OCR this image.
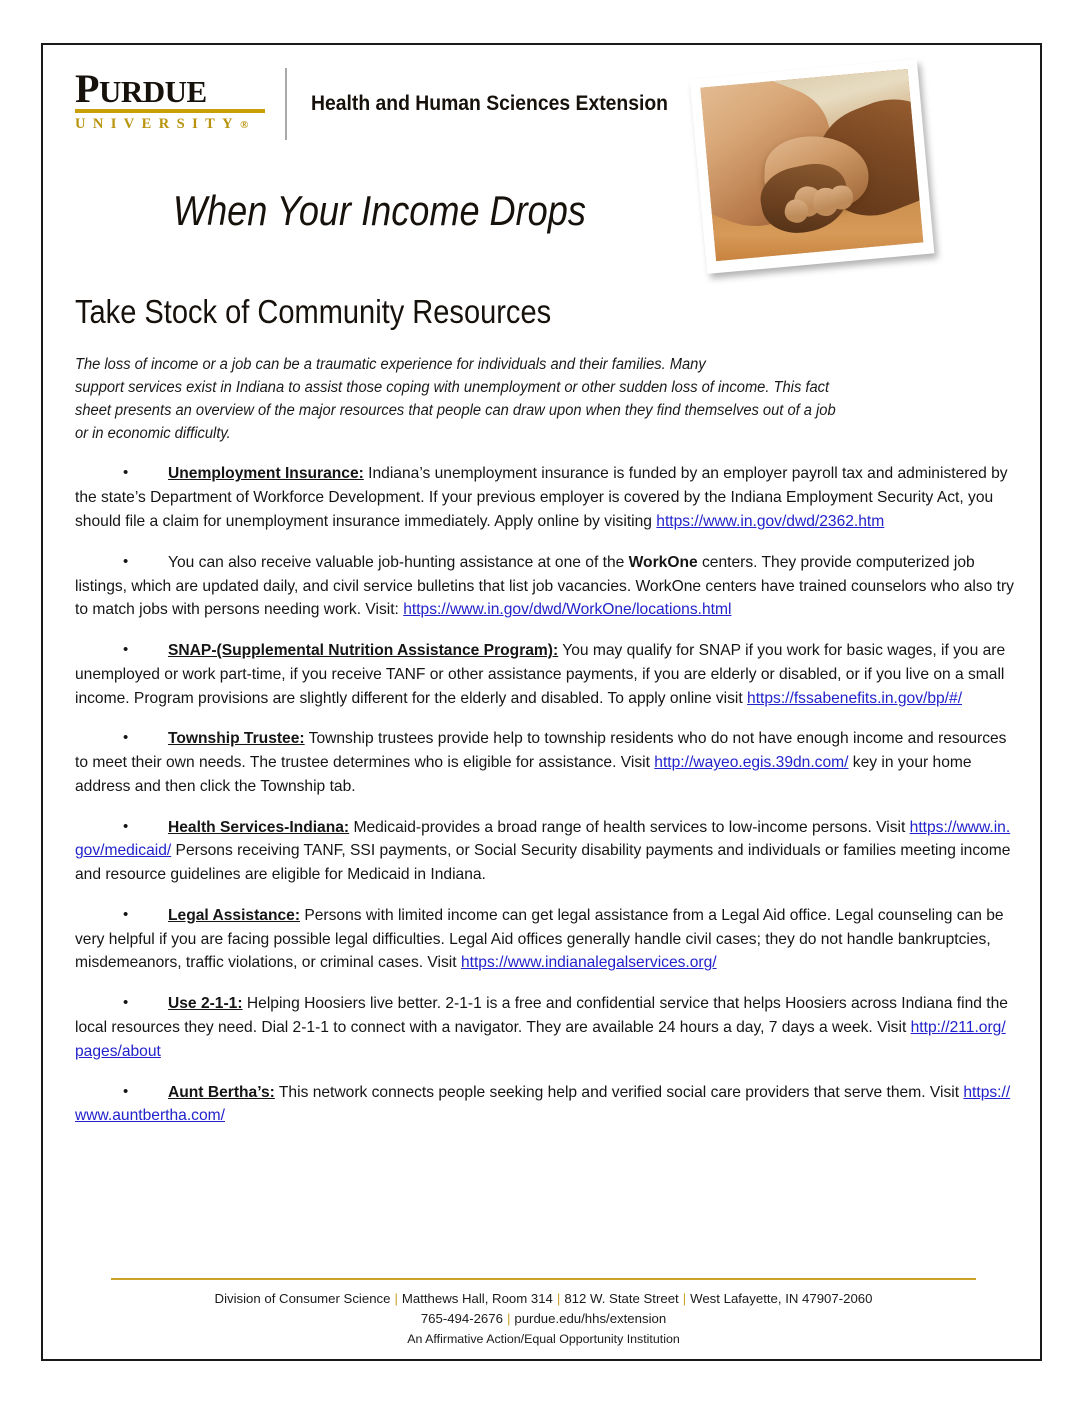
PURDUE
UNIVERSITY®
Health and Human Sciences Extension
When Your Income Drops
Take Stock of Community Resources
The loss of income or a job can be a traumatic experience for individuals and their families. Many
support services exist in Indiana to assist those coping with unemployment or other sudden loss of income. This fact
sheet presents an overview of the major resources that people can draw upon when they find themselves out of a job
or in economic difficulty.
•	Unemployment Insurance: Indiana’s unemployment insurance is funded by an employer payroll tax and administered by the state’s Department of Workforce Development. If your previous employer is covered by the Indiana Employment Security Act, you should file a claim for unemployment insurance immediately. Apply online by visiting https://www.in.gov/dwd/2362.htm
•	You can also receive valuable job-hunting assistance at one of the WorkOne centers. They provide computerized job listings, which are updated daily, and civil service bulletins that list job vacancies. WorkOne centers have trained counselors who also try to match jobs with persons needing work. Visit: https://www.in.gov/dwd/WorkOne/locations.html
•	SNAP-(Supplemental Nutrition Assistance Program): You may qualify for SNAP if you work for basic wages, if you are unemployed or work part-time, if you receive TANF or other assistance payments, if you are elderly or disabled, or if you live on a small income. Program provisions are slightly different for the elderly and disabled. To apply online visit https://fssabenefits.in.gov/bp/#/
•	Township Trustee: Township trustees provide help to township residents who do not have enough income and resources to meet their own needs. The trustee determines who is eligible for assistance. Visit http://wayeo.egis.39dn.com/ key in your home address and then click the Township tab.
•	Health Services-Indiana: Medicaid-provides a broad range of health services to low-income persons. Visit https://www.in.gov/medicaid/ Persons receiving TANF, SSI payments, or Social Security disability payments and individuals or families meeting income and resource guidelines are eligible for Medicaid in Indiana.
•	Legal Assistance: Persons with limited income can get legal assistance from a Legal Aid office. Legal counseling can be very helpful if you are facing possible legal difficulties. Legal Aid offices generally handle civil cases; they do not handle bankruptcies, misdemeanors, traffic violations, or criminal cases. Visit https://www.indianalegalservices.org/
•	Use 2-1-1: Helping Hoosiers live better. 2-1-1 is a free and confidential service that helps Hoosiers across Indiana find the local resources they need. Dial 2-1-1 to connect with a navigator. They are available 24 hours a day, 7 days a week. Visit http://211.org/pages/about
•	Aunt Bertha’s: This network connects people seeking help and verified social care providers that serve them. Visit https://www.auntbertha.com/
Division of Consumer Science | Matthews Hall, Room 314 | 812 W. State Street | West Lafayette, IN 47907-2060
765-494-2676 | purdue.edu/hhs/extension
An Affirmative Action/Equal Opportunity Institution
